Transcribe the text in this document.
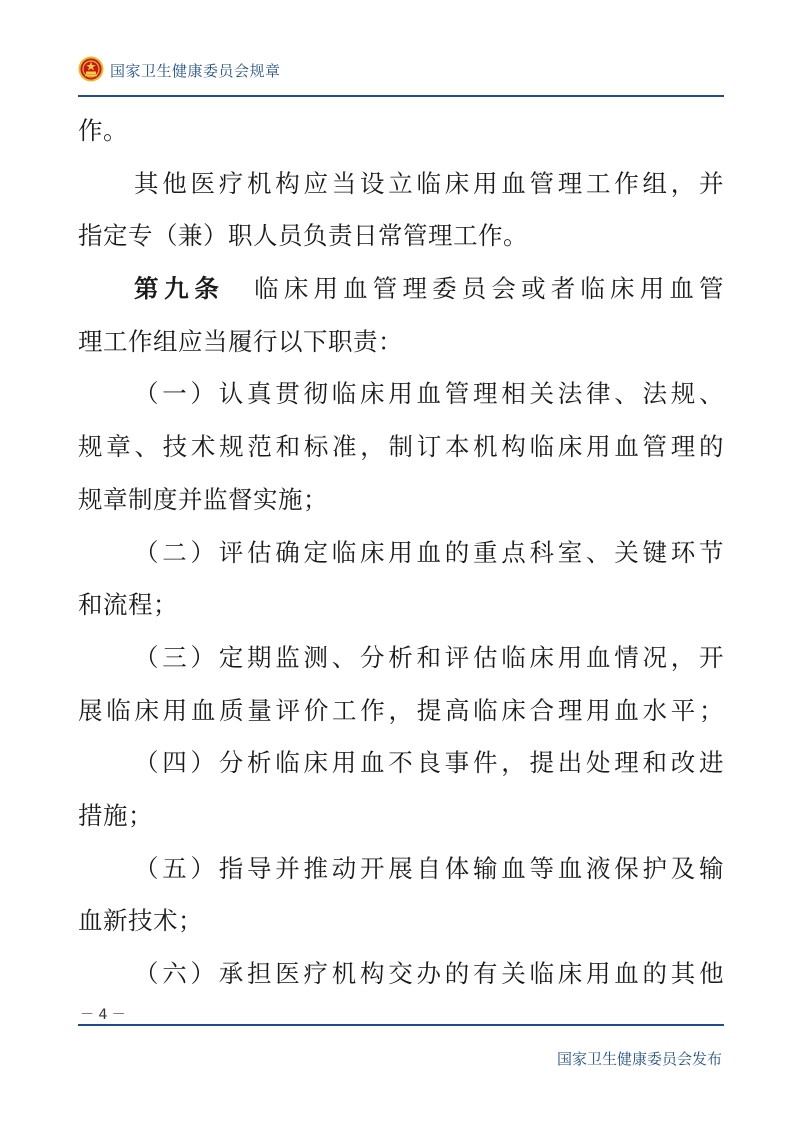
国家卫生健康委员会规章
作。
其他医疗机构应当设立临床用血管理工作组，并
指定专（兼）职人员负责日常管理工作。
第九条　 临床用血管理委员会或者临床用血管
理工作组应当履行以下职责：
（一）认真贯彻临床用血管理相关法律、法规、
规章、技术规范和标准，制订本机构临床用血管理的
规章制度并监督实施；
（二）评估确定临床用血的重点科室、关键环节
和流程；
（三）定期监测、分析和评估临床用血情况，开
展临床用血质量评价工作，提高临床合理用血水平；
（四）分析临床用血不良事件，提出处理和改进
措施；
（五）指导并推动开展自体输血等血液保护及输
血新技术；
（六）承担医疗机构交办的有关临床用血的其他
－ 4 －
国家卫生健康委员会发布
